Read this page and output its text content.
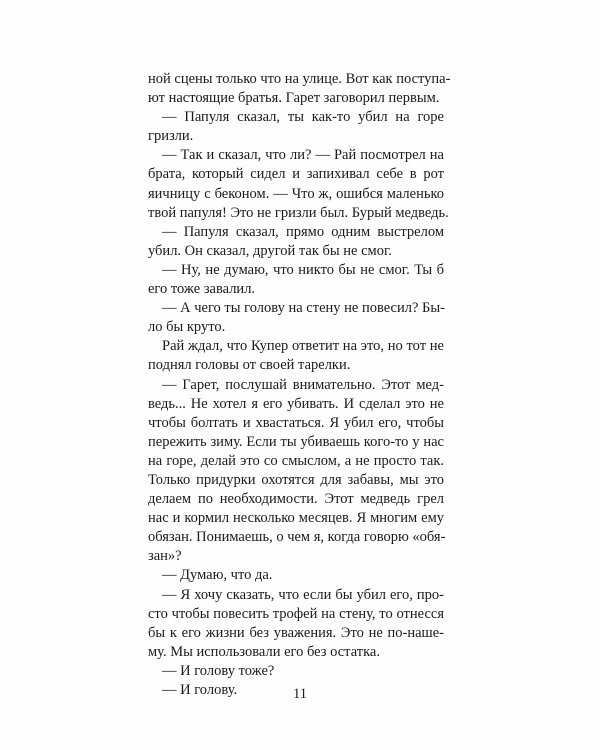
ной сцены только что на улице. Вот как поступа-
ют настоящие братья. Гарет заговорил первым.
— Папуля сказал, ты как-то убил на горе
гризли.
— Так и сказал, что ли? — Рай посмотрел на
брата, который сидел и запихивал себе в рот
яичницу с беконом. — Что ж, ошибся маленько
твой папуля! Это не гризли был. Бурый медведь.
— Папуля сказал, прямо одним выстрелом
убил. Он сказал, другой так бы не смог.
— Ну, не думаю, что никто бы не смог. Ты б
его тоже завалил.
— А чего ты голову на стену не повесил? Бы-
ло бы круто.
Рай ждал, что Купер ответит на это, но тот не
поднял головы от своей тарелки.
— Гарет, послушай внимательно. Этот мед-
ведь... Не хотел я его убивать. И сделал это не
чтобы болтать и хвастаться. Я убил его, чтобы
пережить зиму. Если ты убиваешь кого-то у нас
на горе, делай это со смыслом, а не просто так.
Только придурки охотятся для забавы, мы это
делаем по необходимости. Этот медведь грел
нас и кормил несколько месяцев. Я многим ему
обязан. Понимаешь, о чем я, когда говорю «обя-
зан»?
— Думаю, что да.
— Я хочу сказать, что если бы убил его, про-
сто чтобы повесить трофей на стену, то отнесся
бы к его жизни без уважения. Это не по-наше-
му. Мы использовали его без остатка.
— И голову тоже?
— И голову.	11
